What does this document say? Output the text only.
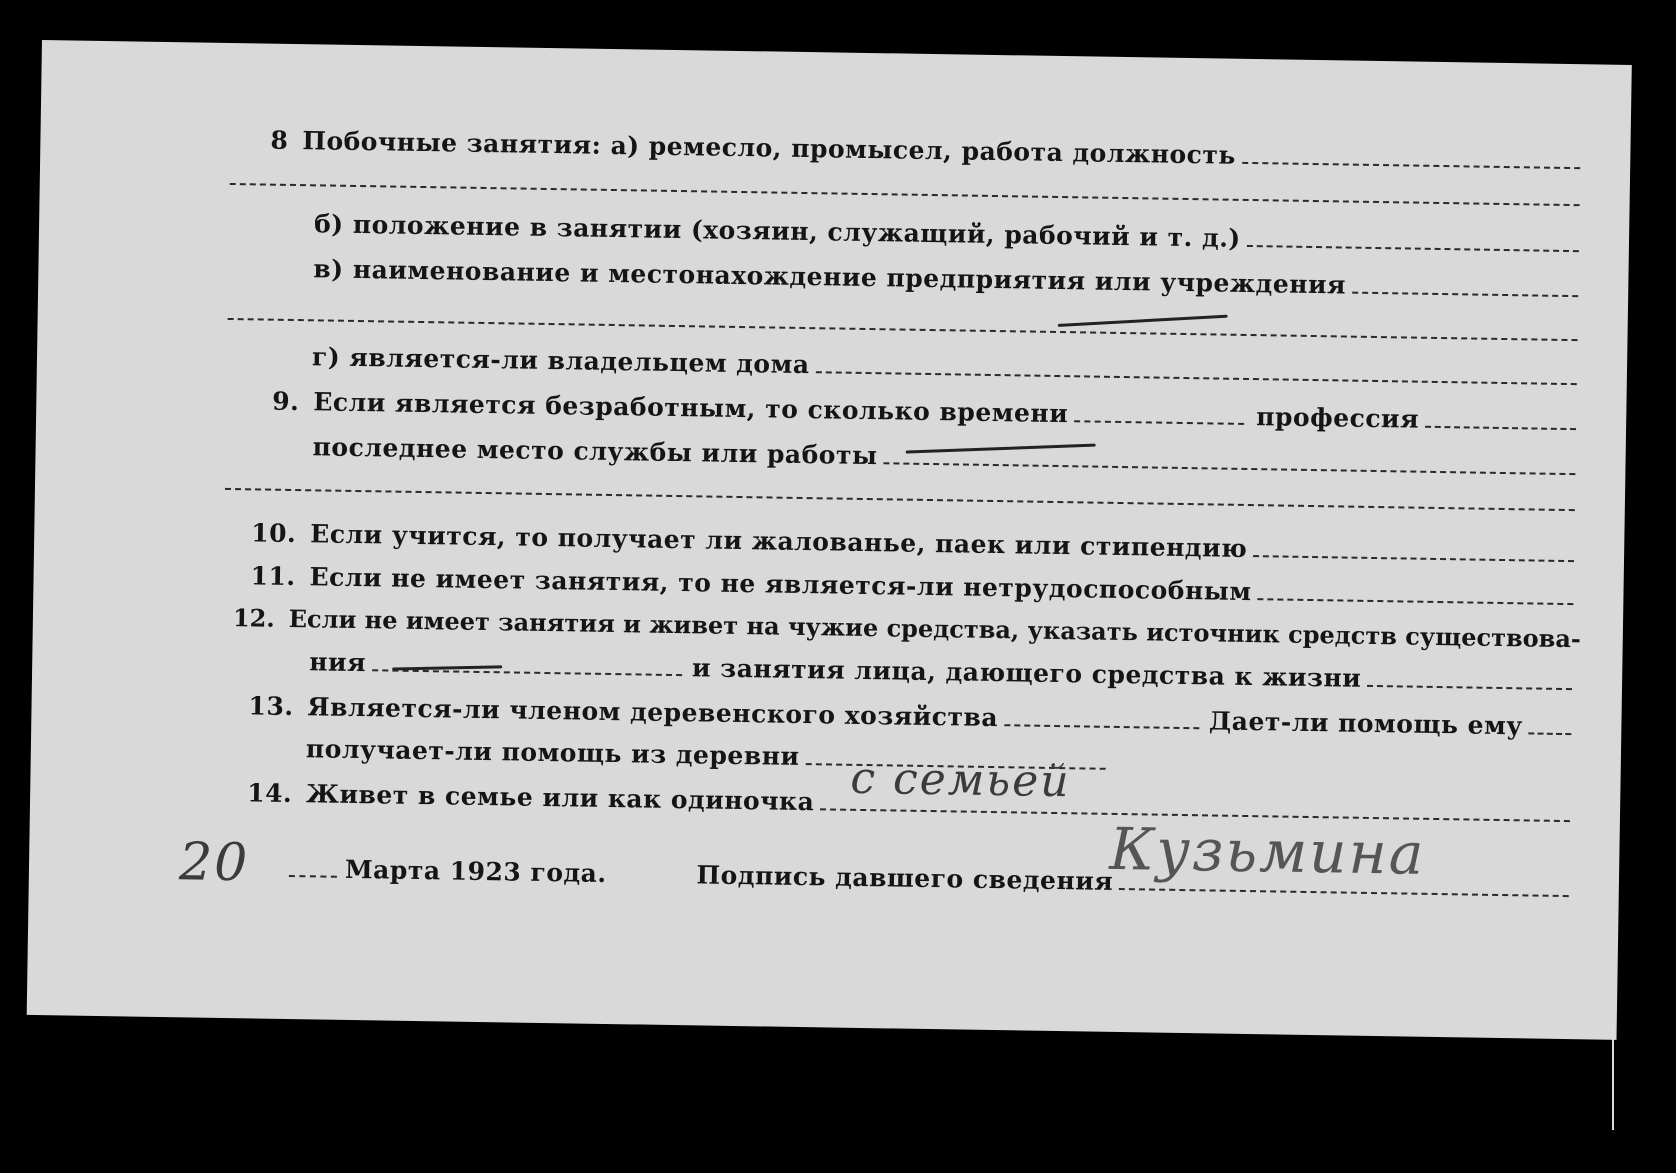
8 Побочные занятия: а) ремесло, промысел, работа должность
б) положение в занятии (хозяин, служащий, рабочий и т. д.)
в) наименование и местонахождение предприятия или учреждения
г) является-ли владельцем дома
9. Если является безработным, то сколько времени	профессия
последнее место службы или работы
10. Если учится, то получает ли жалованье, паек или стипендию
11. Если не имеет занятия, то не является-ли нетрудоспособным
12. Если не имеет занятия и живет на чужие средства, указать источник средств существова-
ния	и занятия лица, дающего средства к жизни
13. Является-ли членом деревенского хозяйства	Дает-ли помощь ему
получает-ли помощь из деревни
14. Живет в семье или как одиночка с семьей
20	Марта 1923 года.	Подпись давшего сведения
Кузьмина
